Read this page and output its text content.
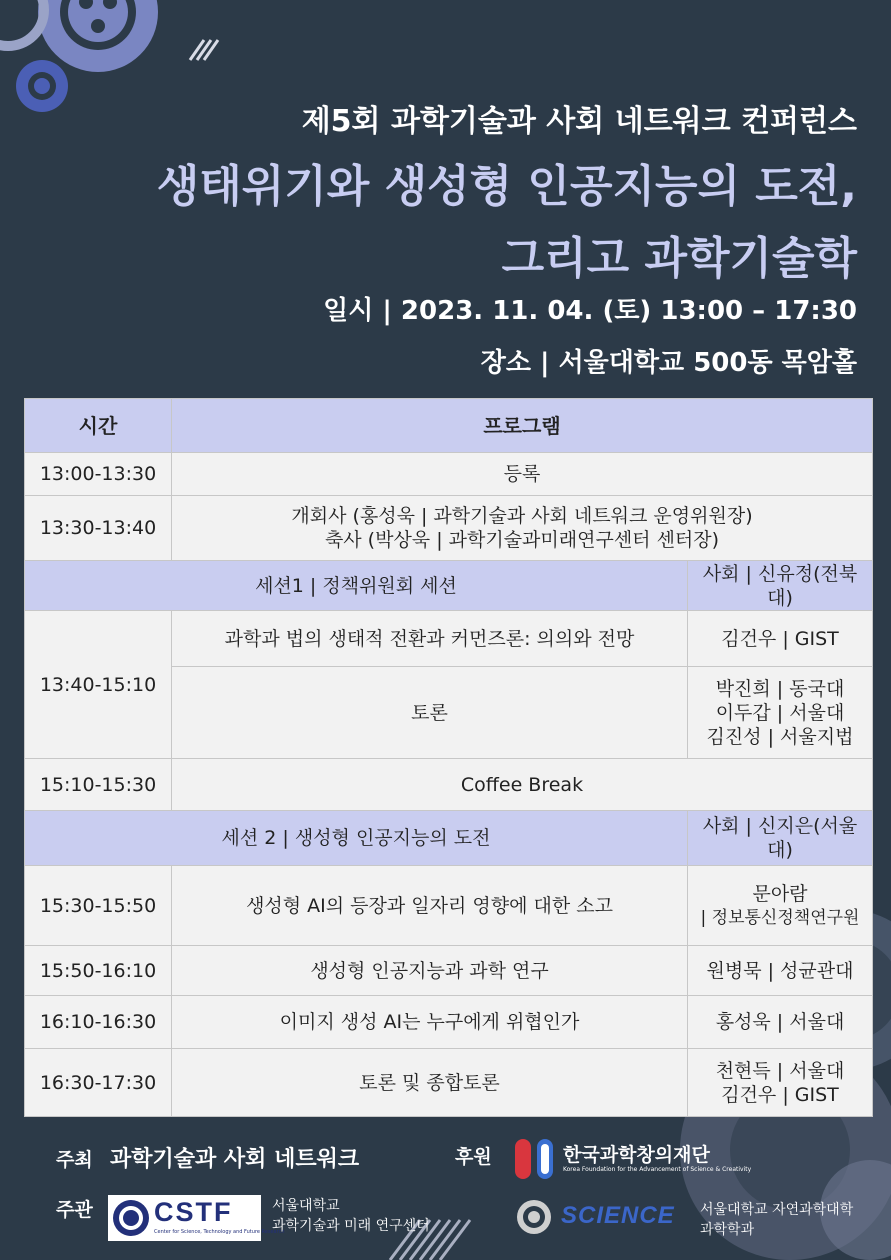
제5회 과학기술과 사회 네트워크 컨퍼런스
생태위기와 생성형 인공지능의 도전,
그리고 과학기술학
일시 | 2023. 11. 04. (토) 13:00 – 17:30
장소 | 서울대학교 500동 목암홀
시간	프로그램	
13:00-13:30	등록	
13:30-13:40	개회사 (홍성욱 | 과학기술과 사회 네트워크 운영위원장)
축사 (박상욱 | 과학기술과미래연구센터 센터장)	

세션1 | 정책위원회 세션		사회 | 신유정(전북대)
13:40-15:10	과학과 법의 생태적 전환과 커먼즈론: 의의와 전망	김건우 | GIST
	토론	박진희 | 동국대
이두갑 | 서울대
김진성 | 서울지법

15:10-15:30	Coffee Break	
세션 2 | 생성형 인공지능의 도전		사회 | 신지은(서울대)
15:30-15:50	생성형 AI의 등장과 일자리 영향에 대한 소고	문아람
| 정보통신정책연구원

15:50-16:10	생성형 인공지능과 과학 연구	원병묵 | 성균관대
16:10-16:30	이미지 생성 AI는 누구에게 위협인가	홍성욱 | 서울대
16:30-17:30	토론 및 종합토론	천현득 | 서울대
김건우 | GIST
주최 과학기술과 사회 네트워크	후원	한국과학창의재단
Korea Foundation for the Advancement of Science & Creativity
주관 CSTF
Center for Science, Technology and Future Research
서울대학교
과학기술과 미래 연구센터	SCIENCE 서울대학교 자연과학대학
과학학과
